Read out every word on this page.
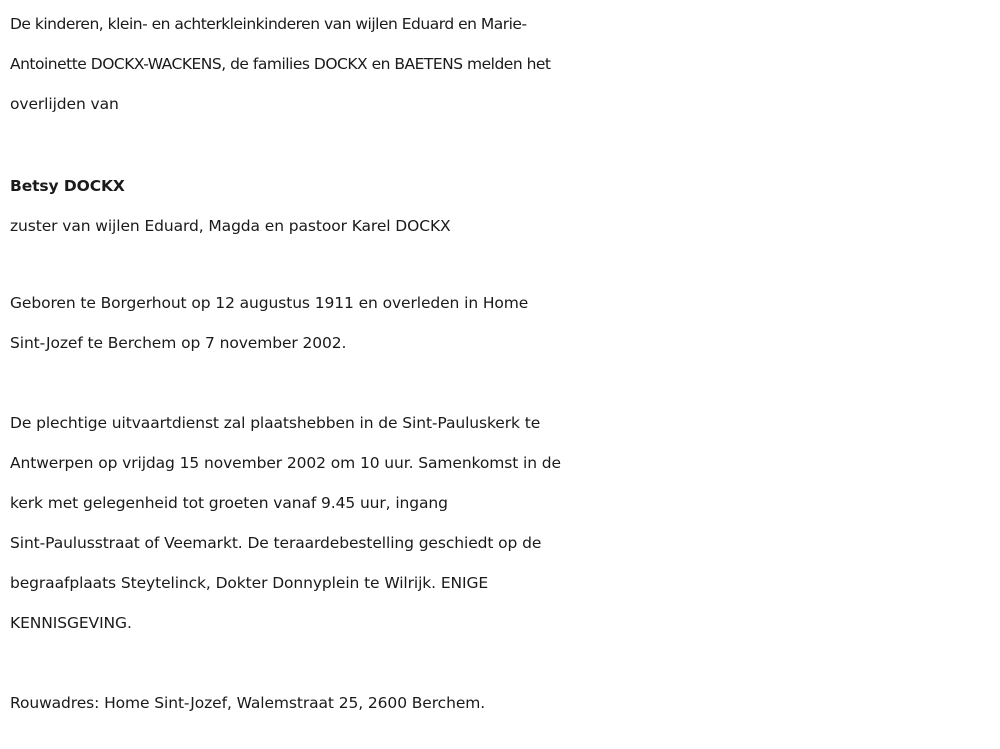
De kinderen, klein- en achterkleinkinderen van wijlen Eduard en Marie-
Antoinette DOCKX-WACKENS, de families DOCKX en BAETENS melden het
overlijden van
Betsy DOCKX
zuster van wijlen Eduard, Magda en pastoor Karel DOCKX
Geboren te Borgerhout op 12 augustus 1911 en overleden in Home
Sint-Jozef te Berchem op 7 november 2002.
De plechtige uitvaartdienst zal plaatshebben in de Sint-Pauluskerk te
Antwerpen op vrijdag 15 november 2002 om 10 uur. Samenkomst in de
kerk met gelegenheid tot groeten vanaf 9.45 uur, ingang
Sint-Paulusstraat of Veemarkt. De teraardebestelling geschiedt op de
begraafplaats Steytelinck, Dokter Donnyplein te Wilrijk. ENIGE
KENNISGEVING.
Rouwadres: Home Sint-Jozef, Walemstraat 25, 2600 Berchem.
